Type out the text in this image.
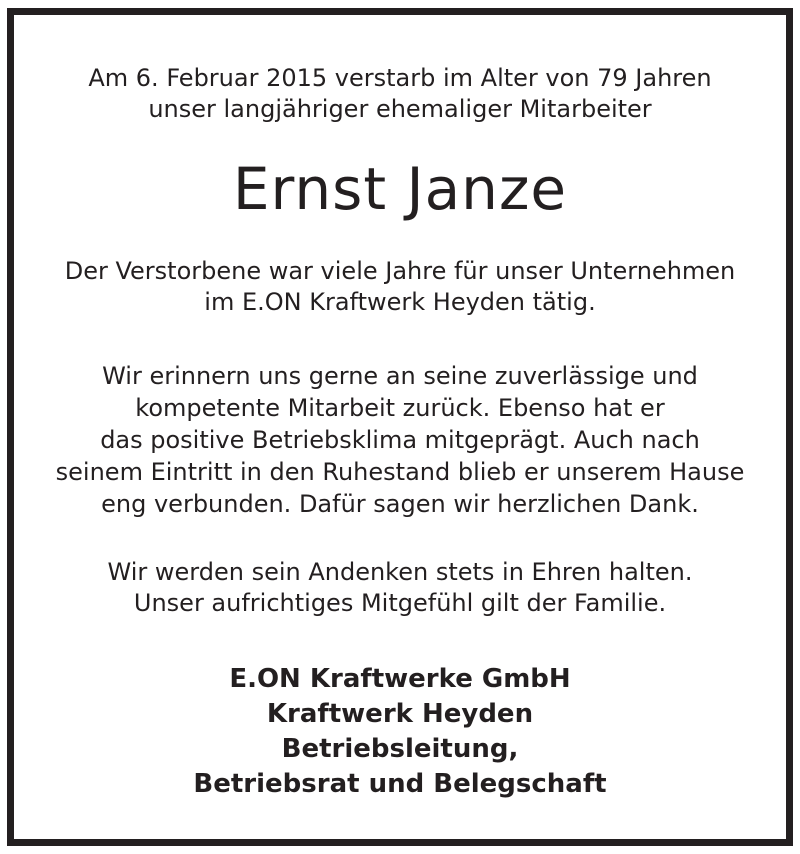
Am 6. Februar 2015 verstarb im Alter von 79 Jahren
unser langjähriger ehemaliger Mitarbeiter
Ernst Janze
Der Verstorbene war viele Jahre für unser Unternehmen
im E.ON Kraftwerk Heyden tätig.
Wir erinnern uns gerne an seine zuverlässige und
kompetente Mitarbeit zurück. Ebenso hat er
das positive Betriebsklima mitgeprägt. Auch nach
seinem Eintritt in den Ruhestand blieb er unserem Hause
eng verbunden. Dafür sagen wir herzlichen Dank.
Wir werden sein Andenken stets in Ehren halten.
Unser aufrichtiges Mitgefühl gilt der Familie.
E.ON Kraftwerke GmbH
Kraftwerk Heyden
Betriebsleitung,
Betriebsrat und Belegschaft
